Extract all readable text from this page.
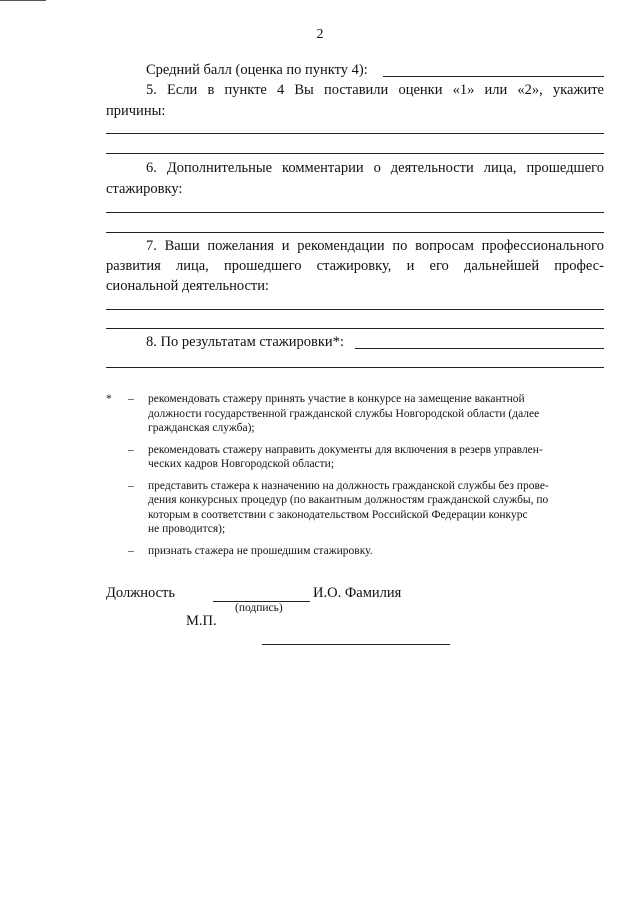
2
Средний балл (оценка по пункту 4):
5. Если в пункте 4 Вы поставили оценки «1» или «2», укажите
причины:
6. Дополнительные комментарии о деятельности лица, прошедшего
стажировку:
7. Ваши пожелания и рекомендации по вопросам профессионального
развития лица, прошедшего стажировку, и его дальнейшей профес-
сиональной деятельности:
8. По результатам стажировки*:
*	–	рекомендовать стажеру принять участие в конкурсе на замещение вакантной
должности государственной гражданской службы Новгородской области (далее
гражданская служба);
–	рекомендовать стажеру направить документы для включения в резерв управлен-
ческих кадров Новгородской области;
–	представить стажера к назначению на должность гражданской службы без прове-
дения конкурсных процедур (по вакантным должностям гражданской службы, по
которым в соответствии с законодательством Российской Федерации конкурс
не проводится);
–	признать стажера не прошедшим стажировку.
Должность	И.О. Фамилия
(подпись)
М.П.
